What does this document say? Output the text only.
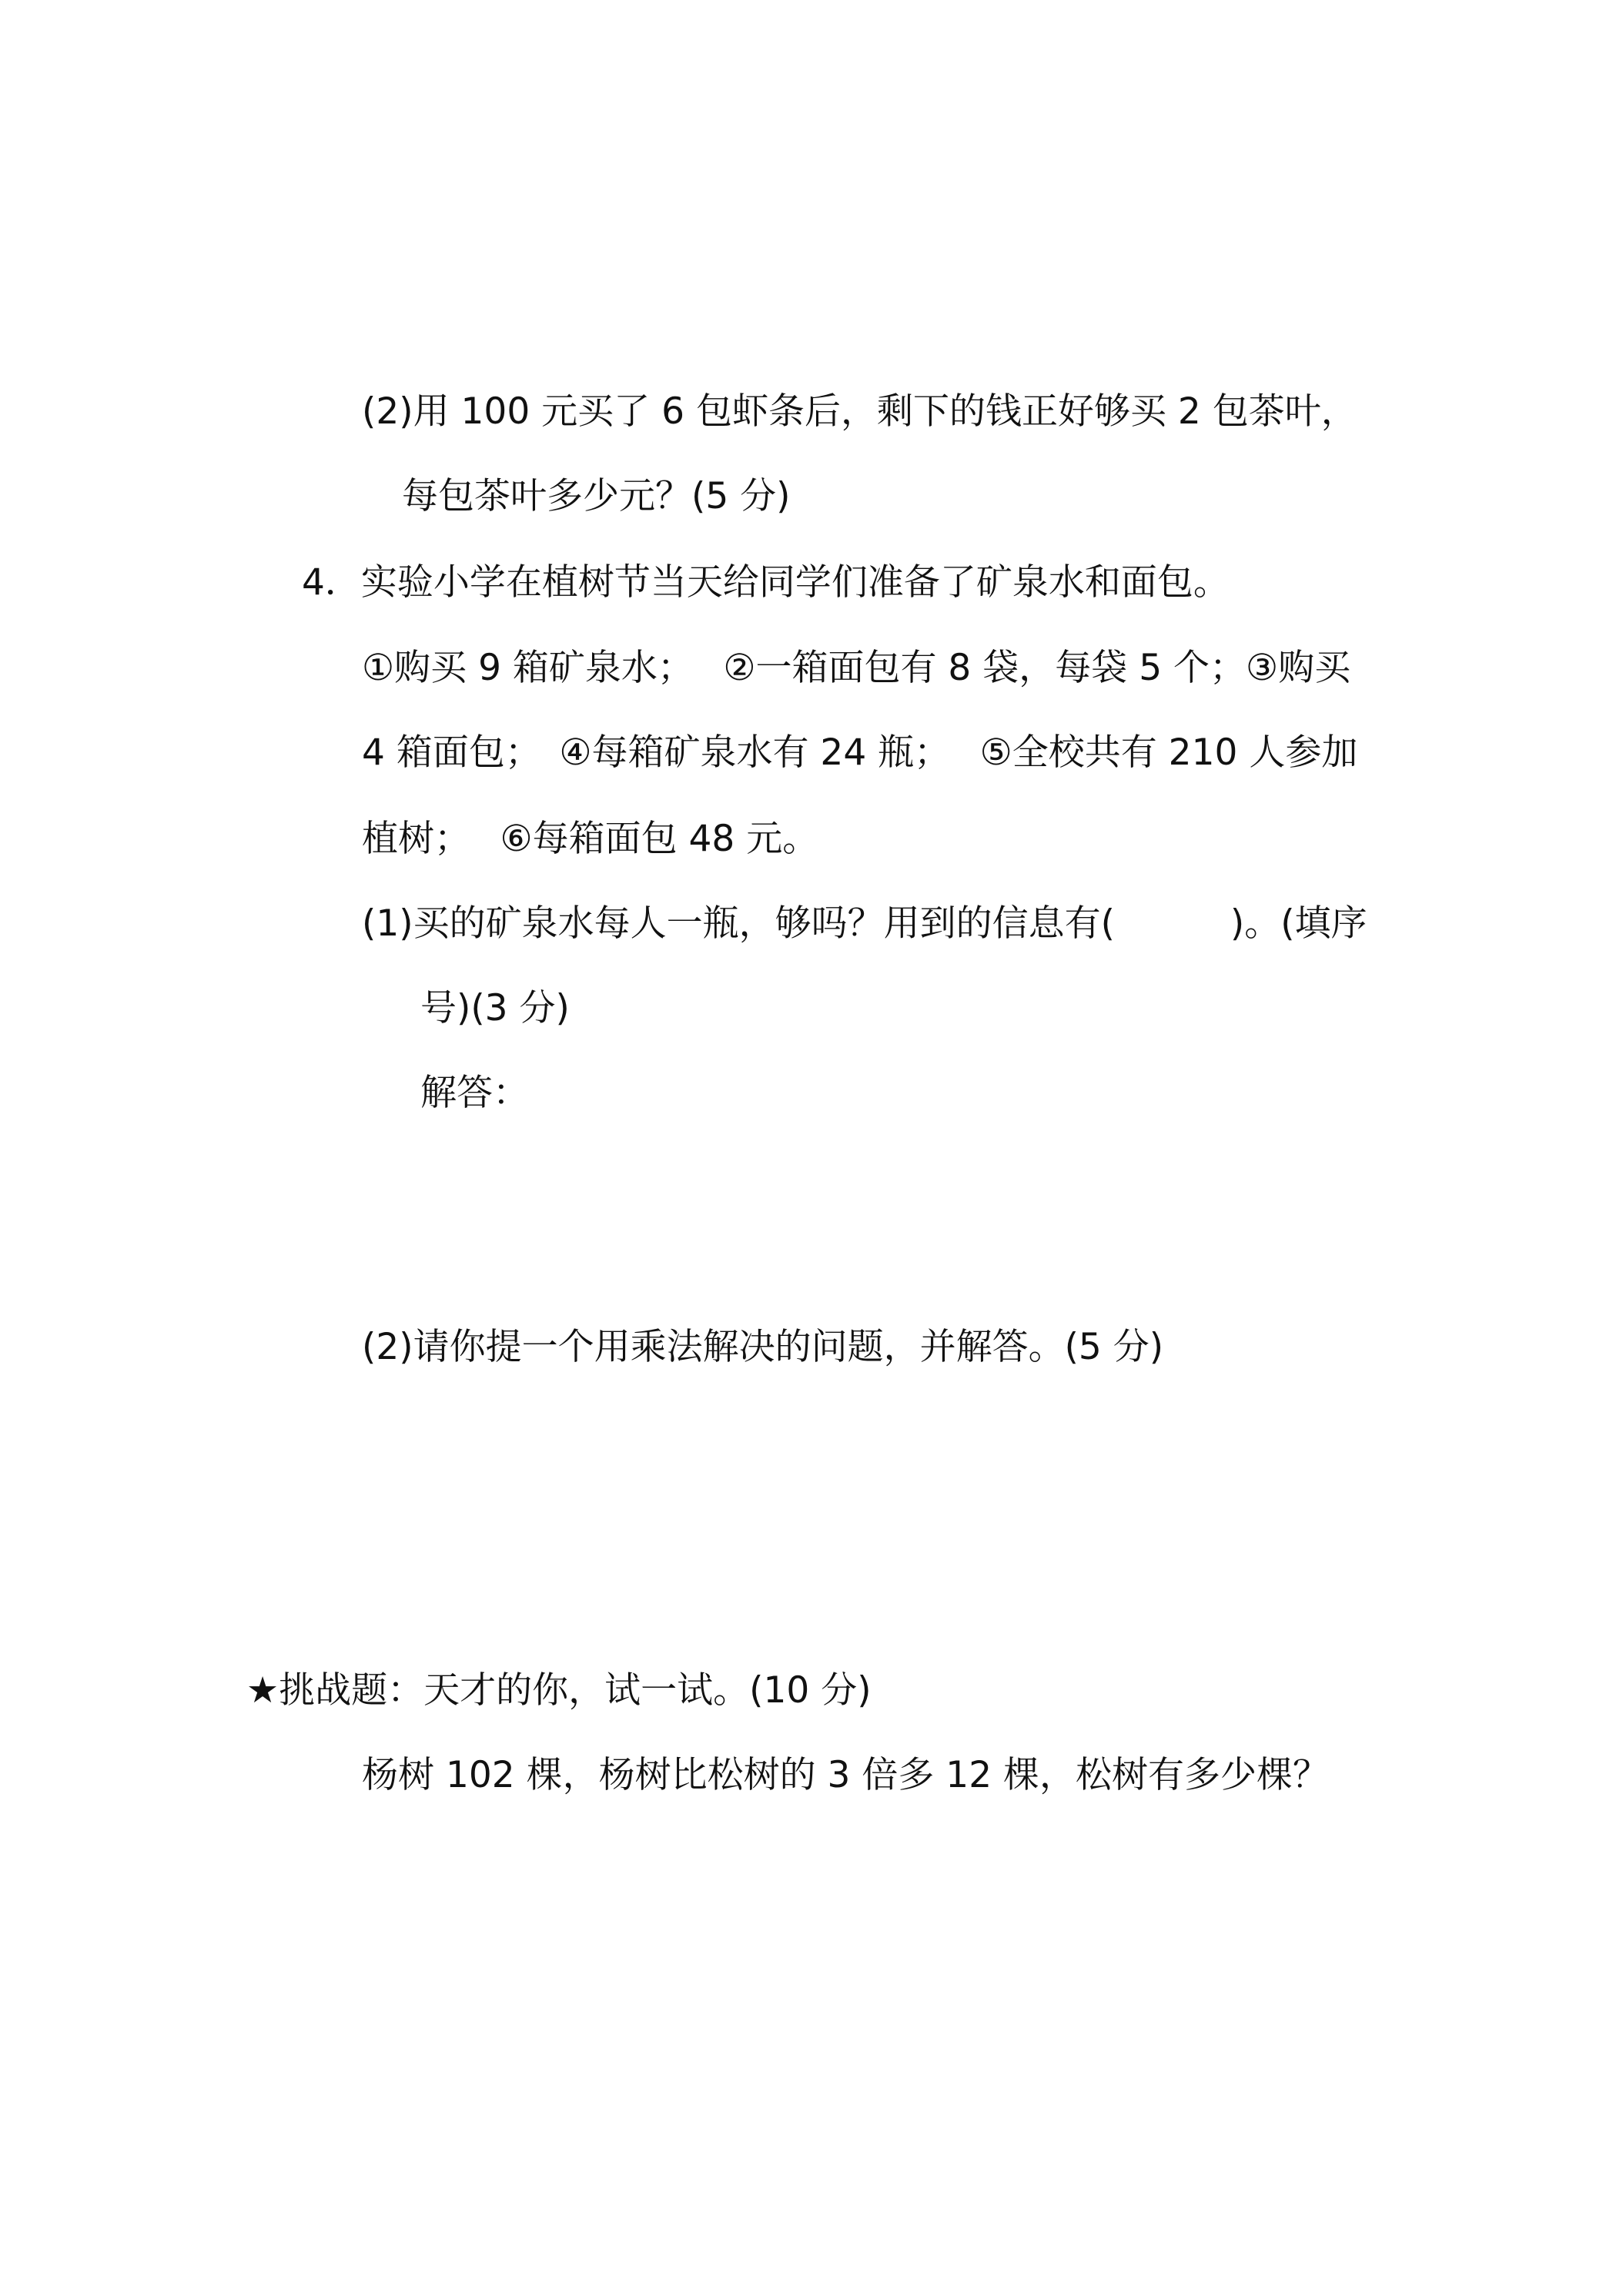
(2)用 100 元买了 6 包虾条后，剩下的钱正好够买 2 包茶叶，
每包茶叶多少元？(5 分)
4．实验小学在植树节当天给同学们准备了矿泉水和面包。
①购买 9 箱矿泉水；　 ②一箱面包有 8 袋，每袋 5 个；③购买
4 箱面包；　④每箱矿泉水有 24 瓶；　 ⑤全校共有 210 人参加
植树；　 ⑥每箱面包 48 元。
(1)买的矿泉水每人一瓶，够吗？用到的信息有(	)。(填序
号)(3 分)
解答：
(2)请你提一个用乘法解决的问题，并解答。(5 分)
★挑战题：天才的你，试一试。(10 分)
杨树 102 棵，杨树比松树的 3 倍多 12 棵，松树有多少棵？
